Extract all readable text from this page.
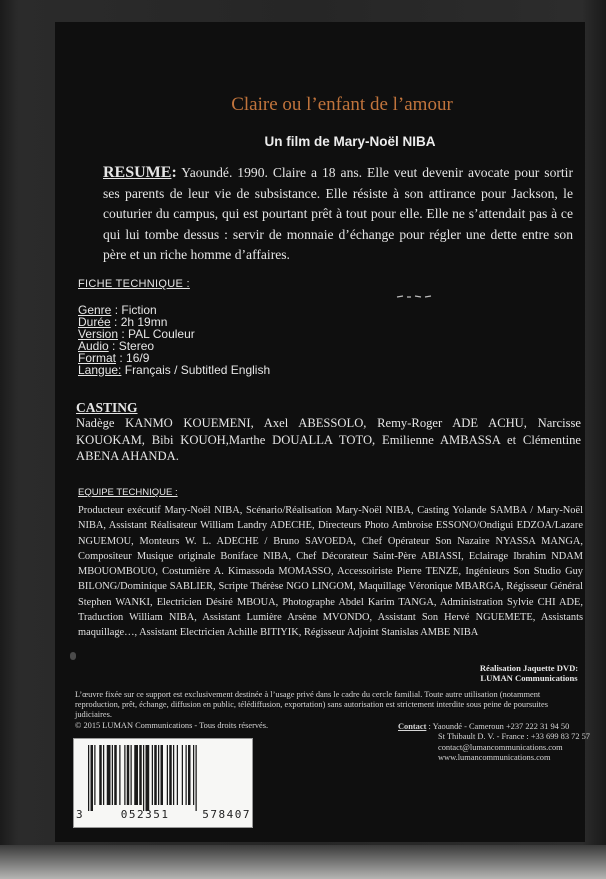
Claire ou l’enfant de l’amour
Un film de Mary-Noël NIBA
RESUME: Yaoundé. 1990. Claire a 18 ans. Elle veut devenir avocate pour sortir ses parents de leur vie de subsistance. Elle résiste à son attirance pour Jackson, le couturier du campus, qui est pourtant prêt à tout pour elle. Elle ne s’attendait pas à ce qui lui tombe dessus : servir de monnaie d’échange pour régler une dette entre son père et un riche homme d’affaires.
FICHE TECHNIQUE :
Genre : Fiction
Durée : 2h 19mn
Version : PAL Couleur
Audio : Stereo
Format : 16/9
Langue: Français / Subtitled English
CASTING
Nadège KANMO KOUEMENI, Axel ABESSOLO, Remy-Roger ADE ACHU, Narcisse KOUOKAM, Bibi KOUOH,Marthe DOUALLA TOTO, Emilienne AMBASSA et Clémentine ABENA AHANDA.
EQUIPE TECHNIQUE :
Producteur exécutif Mary-Noël NIBA, Scénario/Réalisation Mary-Noël NIBA, Casting Yolande SAMBA / Mary-Noël NIBA, Assistant Réalisateur William Landry ADECHE, Directeurs Photo Ambroise ESSONO/Ondigui EDZOA/Lazare NGUEMOU, Monteurs W. L. ADECHE / Bruno SAVOEDA, Chef Opérateur Son Nazaire NYASSA MANGA, Compositeur Musique originale Boniface NIBA, Chef Décorateur Saint-Père ABIASSI, Eclairage Ibrahim NDAM MBOUOMBOUO, Costumière A. Kimassoda MOMASSO, Accessoiriste Pierre TENZE, Ingénieurs Son Studio Guy BILONG/Dominique SABLIER, Scripte Thérèse NGO LINGOM, Maquillage Véronique MBARGA, Régisseur Général Stephen WANKI, Electricien Désiré MBOUA, Photographe Abdel Karim TANGA, Administration Sylvie CHI ADE, Traduction William NIBA, Assistant Lumière Arsène MVONDO, Assistant Son Hervé NGUEMETE, Assistants maquillage…, Assistant Electricien Achille BITIYIK, Régisseur Adjoint Stanislas AMBE NIBA
Réalisation Jaquette DVD:
LUMAN Communications
L’œuvre fixée sur ce support est exclusivement destinée à l’usage privé dans le cadre du cercle familial. Toute autre utilisation (notamment reproduction, prêt, échange, diffusion en public, télédiffusion, exportation) sans autorisation est strictement interdite sous peine de poursuites judiciaires.
© 2015 LUMAN Communications - Tous droits réservés.	Contact : Yaoundé - Cameroun +237 222 31 94 50
St Thibault D. V. - France : +33 699 83 72 57
contact@lumancommunications.com
www.lumancommunications.com
3	052351	578407
